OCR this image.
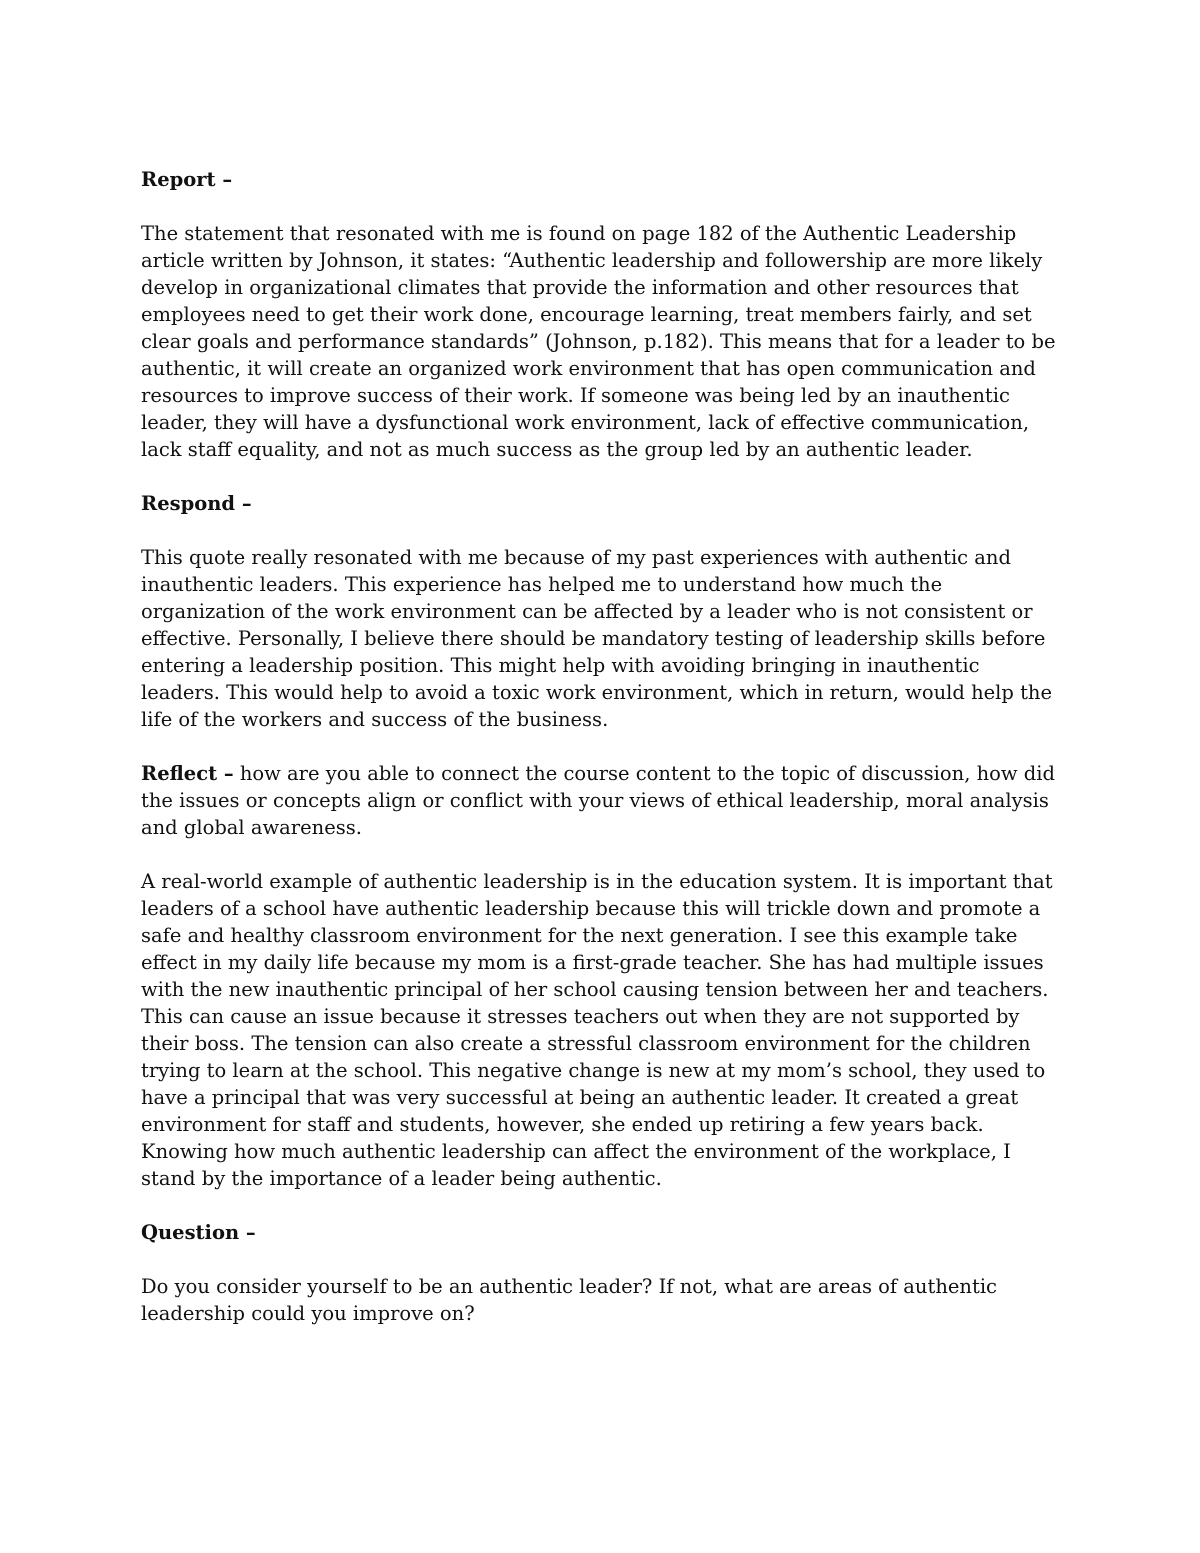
Report –

The statement that resonated with me is found on page 182 of the Authentic Leadership article written by Johnson, it states: “Authentic leadership and followership are more likely develop in organizational climates that provide the information and other resources that employees need to get their work done, encourage learning, treat members fairly, and set clear goals and performance standards” (Johnson, p.182). This means that for a leader to be authentic, it will create an organized work environment that has open communication and resources to improve success of their work. If someone was being led by an inauthentic leader, they will have a dysfunctional work environment, lack of effective communication, lack staff equality, and not as much success as the group led by an authentic leader.

Respond –

This quote really resonated with me because of my past experiences with authentic and inauthentic leaders. This experience has helped me to understand how much the organization of the work environment can be affected by a leader who is not consistent or effective. Personally, I believe there should be mandatory testing of leadership skills before entering a leadership position. This might help with avoiding bringing in inauthentic leaders. This would help to avoid a toxic work environment, which in return, would help the life of the workers and success of the business.

Reflect – how are you able to connect the course content to the topic of discussion, how did the issues or concepts align or conflict with your views of ethical leadership, moral analysis and global awareness.

A real-world example of authentic leadership is in the education system. It is important that leaders of a school have authentic leadership because this will trickle down and promote a safe and healthy classroom environment for the next generation. I see this example take effect in my daily life because my mom is a first-grade teacher. She has had multiple issues with the new inauthentic principal of her school causing tension between her and teachers. This can cause an issue because it stresses teachers out when they are not supported by their boss. The tension can also create a stressful classroom environment for the children trying to learn at the school. This negative change is new at my mom’s school, they used to have a principal that was very successful at being an authentic leader. It created a great environment for staff and students, however, she ended up retiring a few years back. Knowing how much authentic leadership can affect the environment of the workplace, I stand by the importance of a leader being authentic.

Question –

Do you consider yourself to be an authentic leader? If not, what are areas of authentic leadership could you improve on?
